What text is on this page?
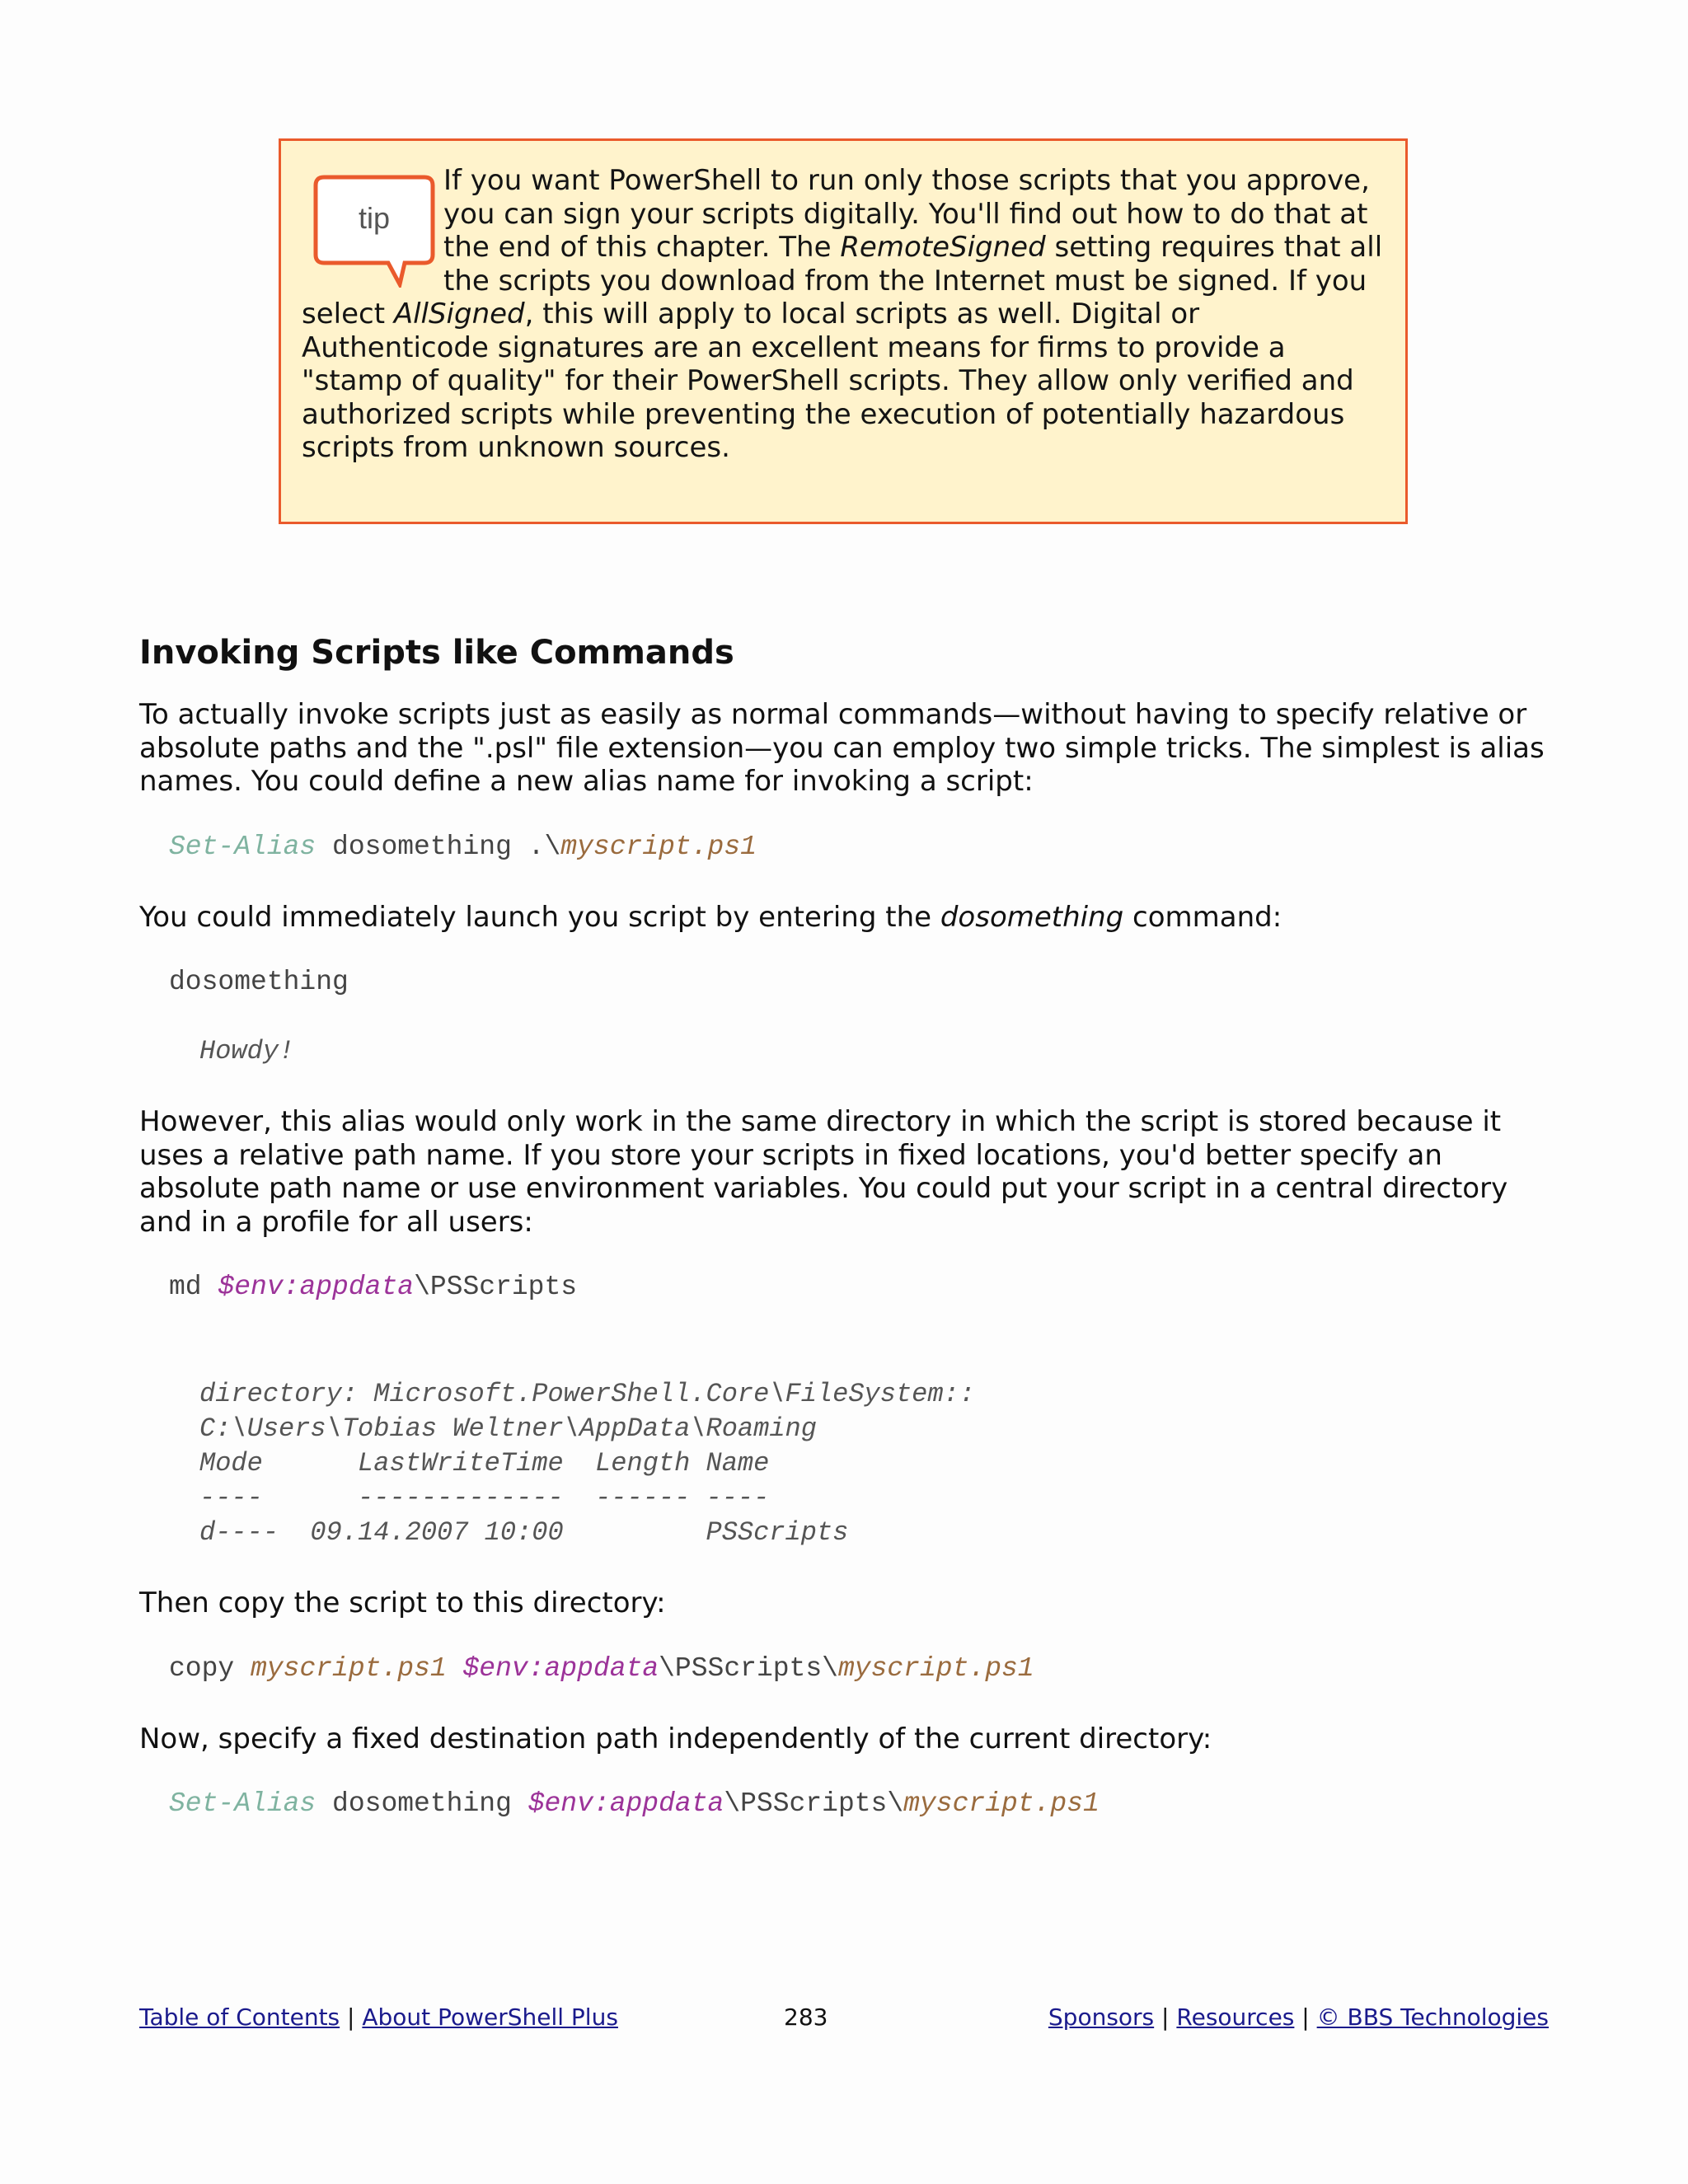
tip

If you want PowerShell to run only those scripts that you approve, you can sign your scripts digitally. You'll find out how to do that at the end of this chapter. The RemoteSigned setting requires that all the scripts you download from the Internet must be signed. If you select AllSigned, this will apply to local scripts as well. Digital or Authenticode signatures are an excellent means for firms to provide a "stamp of quality" for their PowerShell scripts. They allow only verified and authorized scripts while preventing the execution of potentially hazardous scripts from unknown sources.

Invoking Scripts like Commands

To actually invoke scripts just as easily as normal commands—without having to specify relative or absolute paths and the ".psl" file extension—you can employ two simple tricks. The simplest is alias names. You could define a new alias name for invoking a script:

Set-Alias dosomething .\myscript.ps1

You could immediately launch you script by entering the dosomething command:

dosomething
Howdy!

However, this alias would only work in the same directory in which the script is stored because it uses a relative path name. If you store your scripts in fixed locations, you'd better specify an absolute path name or use environment variables. You could put your script in a central directory and in a profile for all users:

md $env:appdata\PSScripts
directory: Microsoft.PowerShell.Core\FileSystem::
C:\Users\Tobias Weltner\AppData\Roaming
Mode      LastWriteTime  Length Name
----      -------------  ------ ----
d----  09.14.2007 10:00         PSScripts

Then copy the script to this directory:

copy myscript.ps1 $env:appdata\PSScripts\myscript.ps1

Now, specify a fixed destination path independently of the current directory:

Set-Alias dosomething $env:appdata\PSScripts\myscript.ps1
Table of Contents | About PowerShell Plus	283	Sponsors | Resources | © BBS Technologies
